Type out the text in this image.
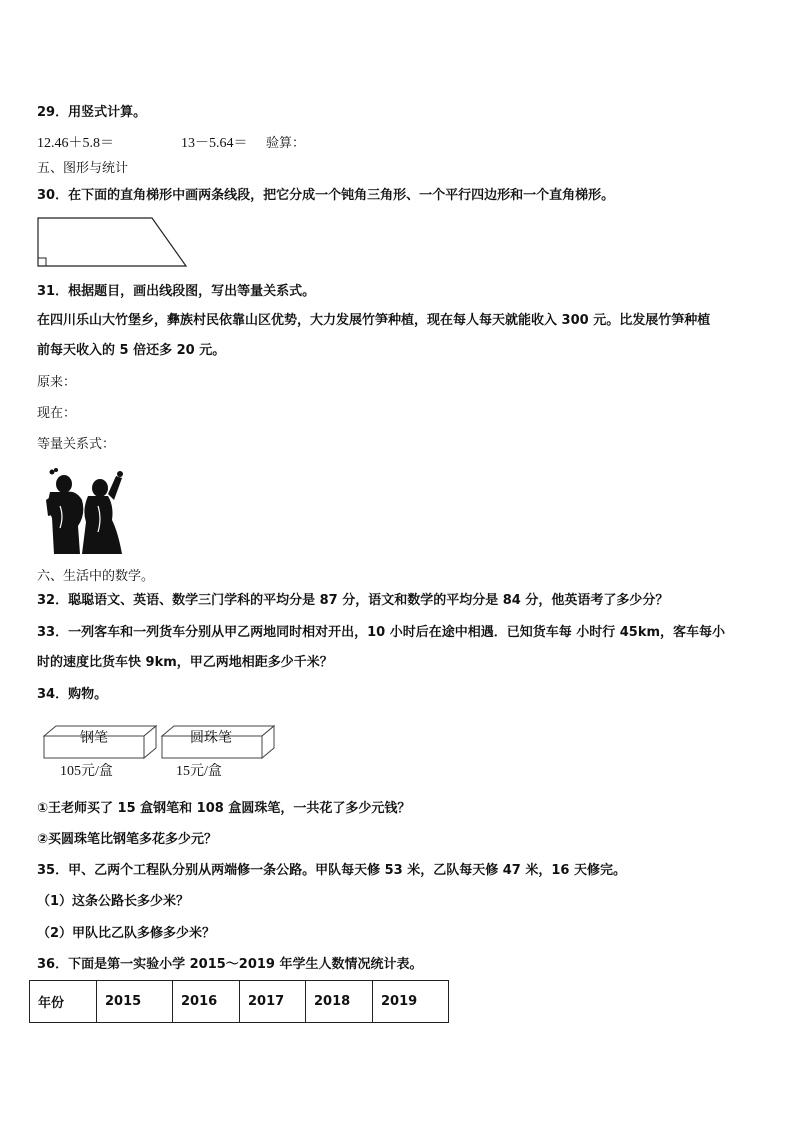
29．用竖式计算。
12.46＋5.8＝	13－5.64＝ 验算：
五、图形与统计
30．在下面的直角梯形中画两条线段，把它分成一个钝角三角形、一个平行四边形和一个直角梯形。
31．根据题目，画出线段图，写出等量关系式。
在四川乐山大竹堡乡，彝族村民依靠山区优势，大力发展竹笋种植，现在每人每天就能收入 300 元。比发展竹笋种植
前每天收入的 5 倍还多 20 元。
原来：
现在：
等量关系式：
六、生活中的数学。
32．聪聪语文、英语、数学三门学科的平均分是 87 分，语文和数学的平均分是 84 分，他英语考了多少分？
33．一列客车和一列货车分别从甲乙两地同时相对开出，10 小时后在途中相遇．已知货车每 小时行 45km，客车每小
时的速度比货车快 9km，甲乙两地相距多少千米？
34．购物。
钢笔
105元/盒
圆珠笔
15元/盒
①王老师买了 15 盒钢笔和 108 盒圆珠笔，一共花了多少元钱？
②买圆珠笔比钢笔多花多少元？
35．甲、乙两个工程队分别从两端修一条公路。甲队每天修 53 米，乙队每天修 47 米，16 天修完。
（1）这条公路长多少米？
（2）甲队比乙队多修多少米？
36．下面是第一实验小学 2015～2019 年学生人数情况统计表。
年份	2015	2016	2017	2018	2019
